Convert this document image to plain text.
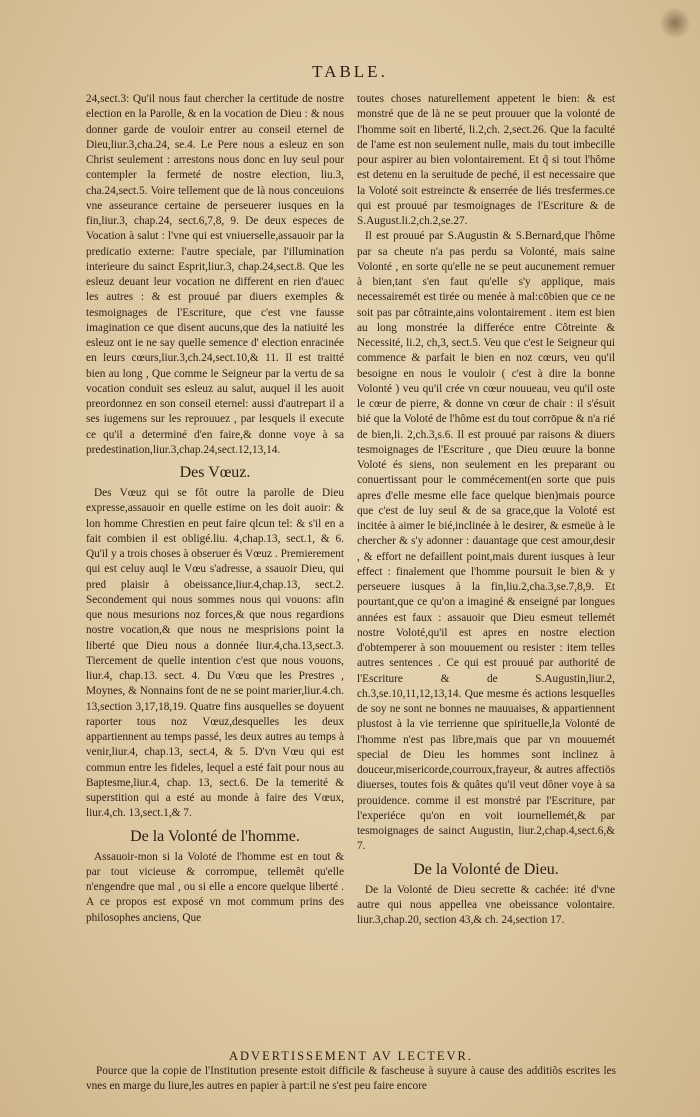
TABLE.

24,sect.3: Qu'il nous faut chercher la certitude de nostre election en la Parolle, & en la vocation de Dieu : & nous donner garde de vouloir entrer au conseil eternel de Dieu,liur.3,cha.24, se.4. Le Pere nous a esleuz en son Christ seulement : arrestons nous donc en luy seul pour contempler la fermeté de nostre election, liu.3, cha.24,sect.5. Voire tellement que de là nous conceuions vne asseurance certaine de perseuerer iusques en la fin,liur.3, chap.24, sect.6,7,8, 9. De deux especes de Vocation à salut : l'vne qui est vniuerselle,assauoir par la predicatio externe: l'autre speciale, par l'illumination interieure du sainct Esprit,liur.3, chap.24,sect.8. Que les esleuz deuant leur vocation ne different en rien d'auec les autres : & est prouué par diuers exemples & tesmoignages de l'Escriture, que c'est vne fausse imagination ce que disent aucuns,que des la natiuité les esleuz ont ie ne say quelle semence d' election enracinée en leurs cœurs,liur.3,ch.24,sect.10,& 11. Il est traitté bien au long , Que comme le Seigneur par la vertu de sa vocation conduit ses esleuz au salut, auquel il les auoit preordonnez en son conseil eternel: aussi d'autrepart il a ses iugemens sur les reprouuez , par lesquels il execute ce qu'il a determiné d'en faire,& donne voye à sa predestination,liur.3,chap.24,sect.12,13,14.

Des Vœuz.

Des Vœuz qui se fôt outre la parolle de Dieu expresse,assauoir en quelle estime on les doit auoir: & lon homme Chrestien en peut faire qlcun tel: & s'il en a fait combien il est obligé.liu. 4,chap.13, sect.1, & 6. Qu'il y a trois choses à obseruer és Vœuz . Premierement qui est celuy auql le Vœu s'adresse, a ssauoir Dieu, qui pred plaisir à obeissance,liur.4,chap.13, sect.2. Secondement qui nous sommes nous qui vouons: afin que nous mesurions noz forces,& que nous regardions nostre vocation,& que nous ne mesprisions point la liberté que Dieu nous a donnée liur.4,cha.13,sect.3. Tiercement de quelle intention c'est que nous vouons, liur.4, chap.13. sect. 4. Du Vœu que les Prestres , Moynes, & Nonnains font de ne se point marier,liur.4.ch. 13,section 3,17,18,19. Quatre fins ausquelles se doyuent raporter tous noz Vœuz,desquelles les deux appartiennent au temps passé, les deux autres au temps à venir,liur.4, chap.13, sect.4, & 5. D'vn Vœu qui est commun entre les fideles, lequel a esté fait pour nous au Baptesme,liur.4, chap. 13, sect.6. De la temerité & superstition qui a esté au monde à faire des Vœux, liur.4,ch. 13,sect.1,& 7.

De la Volonté de l'homme.

Assauoir-mon si la Voloté de l'homme est en tout & par tout vicieuse & corrompue, tellemêt qu'elle n'engendre que mal , ou si elle a encore quelque liberté . A ce propos est exposé vn mot commum prins des philosophes anciens, Que

toutes choses naturellement appetent le bien: & est monstré que de là ne se peut prouuer que la volonté de l'homme soit en liberté, li.2,ch. 2,sect.26. Que la faculté de l'ame est non seulement nulle, mais du tout imbecille pour aspirer au bien volontairement. Et q̃ si tout l'hôme est detenu en la seruitude de peché, il est necessaire que la Voloté soit estreincte & enserrée de liés tresfermes.ce qui est prouué par tesmoignages de l'Escriture & de S.August.li.2,ch.2,se.27.

Il est prouué par S.Augustin & S.Bernard,que l'hôme par sa cheute n'a pas perdu sa Volonté, mais saine Volonté , en sorte qu'elle ne se peut aucunement remuer à bien,tant s'en faut qu'elle s'y applique, mais necessairemét est tirée ou menée à mal:cōbien que ce ne soit pas par côtrainte,ains volontairement . item est bien au long monstrée la differéce entre Côtreinte & Necessité, li.2, ch,3, sect.5. Veu que c'est le Seigneur qui commence & parfait le bien en noz cœurs, veu qu'il besoigne en nous le vouloir ( c'est à dire la bonne Volonté ) veu qu'il crée vn cœur nouueau, veu qu'il oste le cœur de pierre, & donne vn cœur de chair : il s'ésuit bié que la Voloté de l'hôme est du tout corrōpue & n'a rié de bien,li. 2,ch.3,s.6. Il est prouué par raisons & diuers tesmoignages de l'Escriture , que Dieu œuure la bonne Voloté és siens, non seulement en les preparant ou conuertissant pour le commécement(en sorte que puis apres d'elle mesme elle face quelque bien)mais pource que c'est de luy seul & de sa grace,que la Voloté est incitée à aimer le bié,inclinée à le desirer, & esmeüe à le chercher & s'y adonner : dauantage que cest amour,desir , & effort ne defaillent point,mais durent iusques à leur effect : finalement que l'homme poursuit le bien & y perseuere iusques à la fin,liu.2,cha.3,se.7,8,9. Et pourtant,que ce qu'on a imaginé & enseigné par longues années est faux : assauoir que Dieu esmeut tellemét nostre Voloté,qu'il est apres en nostre election d'obtemperer à son mouuement ou resister : item telles autres sentences . Ce qui est prouué par authorité de l'Escriture & de S.Augustin,liur.2, ch.3,se.10,11,12,13,14. Que mesme és actions lesquelles de soy ne sont ne bonnes ne mauuaises, & appartiennent plustost à la vie terrienne que spirituelle,la Volonté de l'homme n'est pas libre,mais que par vn mouuemét special de Dieu les hommes sont inclinez à douceur,misericorde,courroux,frayeur, & autres affectiös diuerses, toutes fois & quâtes qu'il veut dôner voye à sa prouidence. comme il est monstré par l'Escriture, par l'experiéce qu'on en voit iournellemét,& par tesmoignages de sainct Augustin, liur.2,chap.4,sect.6,& 7.

De la Volonté de Dieu.

De la Volonté de Dieu secrette & cachée: ité d'vne autre qui nous appellea vne obeissance volontaire. liur.3,chap.20, section 43,& ch. 24,section 17.

ADVERTISSEMENT AV LECTEVR.
Pource que la copie de l'Institution presente estoit difficile & fascheuse à suyure à cause des additiõs escrites les vnes en marge du liure,les autres en papier à part:il ne s'est peu faire encore
